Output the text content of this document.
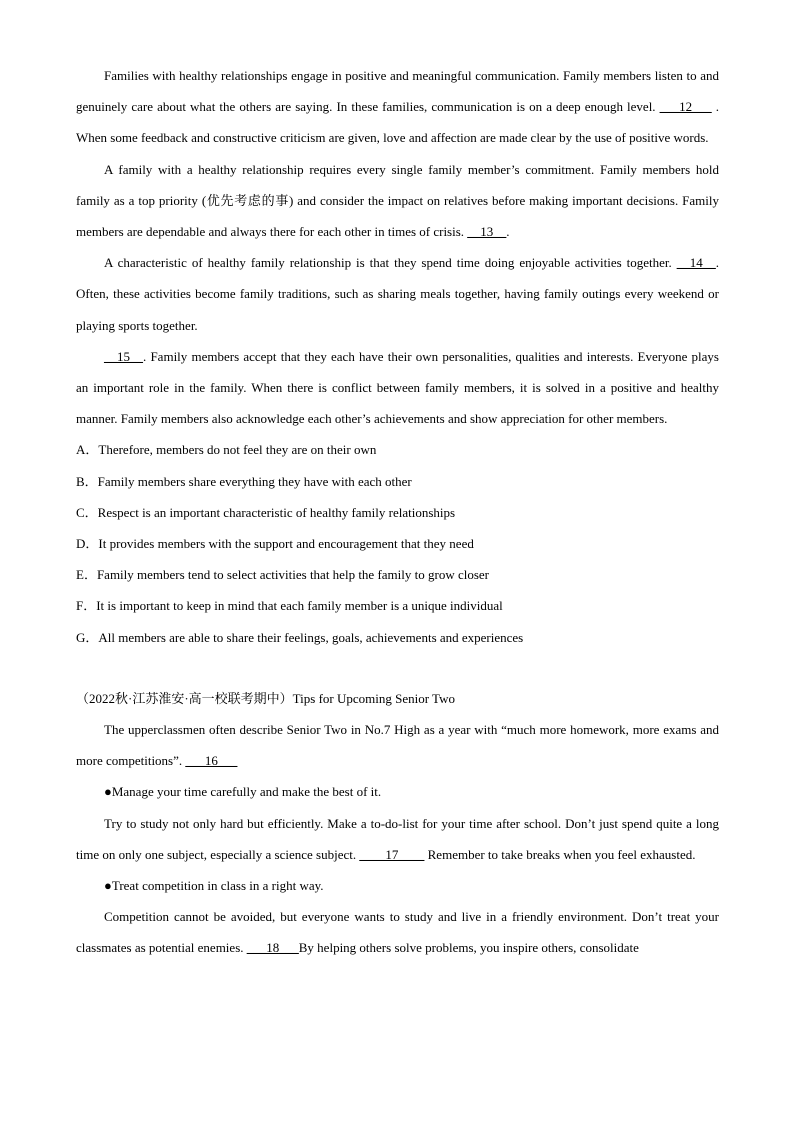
Families with healthy relationships engage in positive and meaningful communication. Family members listen to and genuinely care about what the others are saying. In these families, communication is on a deep enough level. ___12___ . When some feedback and constructive criticism are given, love and affection are made clear by the use of positive words.

A family with a healthy relationship requires every single family member’s commitment. Family members hold family as a top priority (优先考虑的事) and consider the impact on relatives before making important decisions. Family members are dependable and always there for each other in times of crisis. __13__.

A characteristic of healthy family relationship is that they spend time doing enjoyable activities together. __14__. Often, these activities become family traditions, such as sharing meals together, having family outings every weekend or playing sports together.

__15__. Family members accept that they each have their own personalities, qualities and interests. Everyone plays an important role in the family. When there is conflict between family members, it is solved in a positive and healthy manner. Family members also acknowledge each other’s achievements and show appreciation for other members.

A．Therefore, members do not feel they are on their own
B．Family members share everything they have with each other
C．Respect is an important characteristic of healthy family relationships
D．It provides members with the support and encouragement that they need
E．Family members tend to select activities that help the family to grow closer
F．It is important to keep in mind that each family member is a unique individual
G．All members are able to share their feelings, goals, achievements and experiences

（2022秋·江苏淮安·高一校联考期中）Tips for Upcoming Senior Two

The upperclassmen often describe Senior Two in No.7 High as a year with “much more homework, more exams and more competitions”. ___16___

●Manage your time carefully and make the best of it.

Try to study not only hard but efficiently. Make a to-do-list for your time after school. Don’t just spend quite a long time on only one subject, especially a science subject. ____17____ Remember to take breaks when you feel exhausted.

●Treat competition in class in a right way.

Competition cannot be avoided, but everyone wants to study and live in a friendly environment. Don’t treat your classmates as potential enemies. ___18___By helping others solve problems, you inspire others, consolidate
